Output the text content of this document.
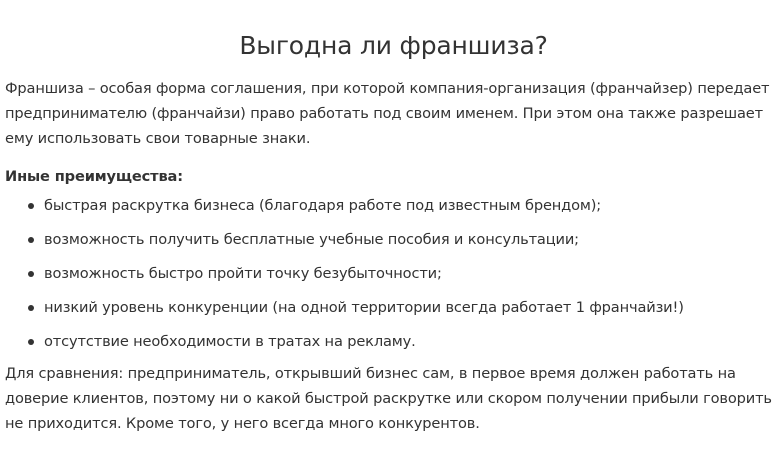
Выгодна ли франшиза?

Франшиза – особая форма соглашения, при которой компания-организация (франчайзер) передает предпринимателю (франчайзи) право работать под своим именем. При этом она также разрешает ему использовать свои товарные знаки.

Иные преимущества:

быстрая раскрутка бизнеса (благодаря работе под известным брендом);
возможность получить бесплатные учебные пособия и консультации;
возможность быстро пройти точку безубыточности;
низкий уровень конкуренции (на одной территории всегда работает 1 франчайзи!)
отсутствие необходимости в тратах на рекламу.

Для сравнения: предприниматель, открывший бизнес сам, в первое время должен работать на доверие клиентов, поэтому ни о какой быстрой раскрутке или скором получении прибыли говорить не приходится. Кроме того, у него всегда много конкурентов.
